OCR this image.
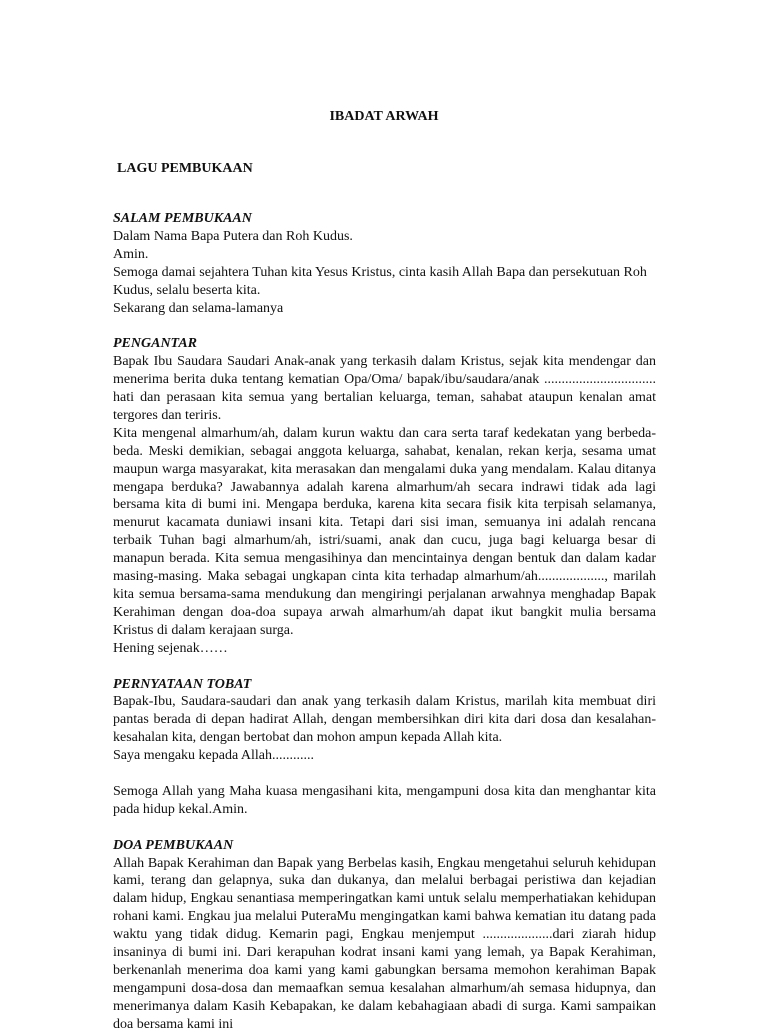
IBADAT ARWAH
LAGU PEMBUKAAN
SALAM PEMBUKAAN

Dalam Nama Bapa Putera dan Roh Kudus.

Amin.

Semoga damai sejahtera Tuhan kita Yesus Kristus, cinta kasih Allah Bapa dan persekutuan Roh Kudus, selalu beserta kita.

Sekarang dan selama-lamanya

PENGANTAR

Bapak Ibu Saudara Saudari Anak-anak yang terkasih dalam Kristus, sejak kita mendengar dan menerima berita duka tentang kematian Opa/Oma/ bapak/ibu/saudara/anak ................................ hati dan perasaan kita semua yang bertalian keluarga, teman, sahabat ataupun kenalan amat tergores dan teriris.

Kita mengenal almarhum/ah, dalam kurun waktu dan cara serta taraf kedekatan yang berbeda-beda. Meski demikian, sebagai anggota keluarga, sahabat, kenalan, rekan kerja, sesama umat maupun warga masyarakat, kita merasakan dan mengalami duka yang mendalam. Kalau ditanya mengapa berduka? Jawabannya adalah karena almarhum/ah secara indrawi tidak ada lagi bersama kita di bumi ini. Mengapa berduka, karena kita secara fisik kita terpisah selamanya, menurut kacamata duniawi insani kita. Tetapi dari sisi iman, semuanya ini adalah rencana terbaik Tuhan bagi almarhum/ah, istri/suami, anak dan cucu, juga bagi keluarga besar di manapun berada. Kita semua mengasihinya dan mencintainya dengan bentuk dan dalam kadar masing-masing. Maka sebagai ungkapan cinta kita terhadap almarhum/ah..................., marilah kita semua bersama-sama mendukung dan mengiringi perjalanan arwahnya menghadap Bapak Kerahiman dengan doa-doa supaya arwah almarhum/ah dapat ikut bangkit mulia bersama Kristus di dalam kerajaan surga.

Hening sejenak……

PERNYATAAN TOBAT

Bapak-Ibu, Saudara-saudari dan anak yang terkasih dalam Kristus, marilah kita membuat diri pantas berada di depan hadirat Allah, dengan membersihkan diri kita dari dosa dan kesalahan-kesahalan kita, dengan bertobat dan mohon ampun kepada Allah kita.

Saya mengaku kepada Allah............

Semoga Allah yang Maha kuasa mengasihani kita, mengampuni dosa kita dan menghantar kita pada hidup kekal.Amin.

DOA PEMBUKAAN

Allah Bapak Kerahiman dan Bapak yang Berbelas kasih, Engkau mengetahui seluruh kehidupan kami, terang dan gelapnya, suka dan dukanya, dan melalui berbagai peristiwa dan kejadian dalam hidup, Engkau senantiasa memperingatkan kami untuk selalu memperhatiakan kehidupan rohani kami. Engkau jua melalui PuteraMu mengingatkan kami bahwa kematian itu datang pada waktu yang tidak didug. Kemarin pagi, Engkau menjemput ....................dari ziarah hidup insaninya di bumi ini. Dari kerapuhan kodrat insani kami yang lemah, ya Bapak Kerahiman, berkenanlah menerima doa kami yang kami gabungkan bersama memohon kerahiman Bapak mengampuni dosa-dosa dan memaafkan semua kesalahan almarhum/ah semasa hidupnya, dan menerimanya dalam Kasih Kebapakan, ke dalam kebahagiaan abadi di surga. Kami sampaikan doa bersama kami ini
